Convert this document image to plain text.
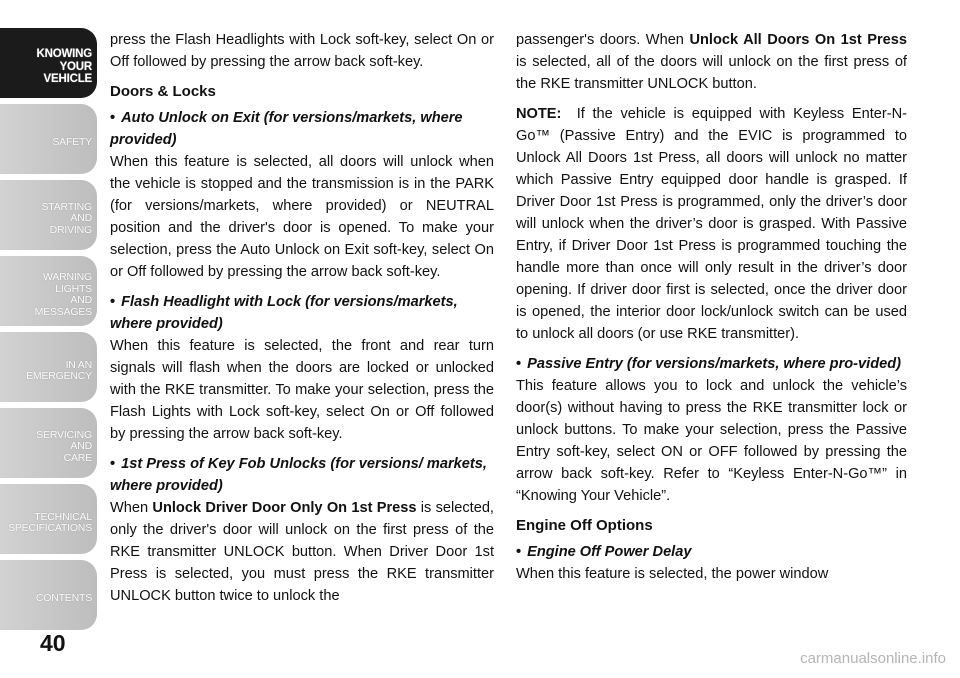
KNOWING
YOUR
VEHICLE
SAFETY
STARTING
AND
DRIVING
WARNING
LIGHTS
AND
MESSAGES
IN AN
EMERGENCY
SERVICING
AND
CARE
TECHNICAL
SPECIFICATIONS
CONTENTS
40

press the Flash Headlights with Lock soft-key, select On or Off followed by pressing the arrow back soft-key.

Doors & Locks
• Auto Unlock on Exit (for versions/markets, where provided)

When this feature is selected, all doors will unlock when the vehicle is stopped and the transmission is in the PARK (for versions/markets, where provided) or NEUTRAL position and the driver's door is opened. To make your selection, press the Auto Unlock on Exit soft-key, select On or Off followed by pressing the arrow back soft-key.

• Flash Headlight with Lock (for versions/markets, where provided)

When this feature is selected, the front and rear turn signals will flash when the doors are locked or unlocked with the RKE transmitter. To make your selection, press the Flash Lights with Lock soft-key, select On or Off followed by pressing the arrow back soft-key.

• 1st Press of Key Fob Unlocks (for versions/ markets, where provided)

When Unlock Driver Door Only On 1st Press is selected, only the driver's door will unlock on the first press of the RKE transmitter UNLOCK button. When Driver Door 1st Press is selected, you must press the RKE transmitter UNLOCK button twice to unlock the

passenger's doors. When Unlock All Doors On 1st Press is selected, all of the doors will unlock on the first press of the RKE transmitter UNLOCK button.

NOTE: If the vehicle is equipped with Keyless Enter-N-Go™ (Passive Entry) and the EVIC is programmed to Unlock All Doors 1st Press, all doors will unlock no matter which Passive Entry equipped door handle is grasped. If Driver Door 1st Press is programmed, only the driver’s door will unlock when the driver’s door is grasped. With Passive Entry, if Driver Door 1st Press is programmed touching the handle more than once will only result in the driver’s door opening. If driver door first is selected, once the driver door is opened, the interior door lock/unlock switch can be used to unlock all doors (or use RKE transmitter).

• Passive Entry (for versions/markets, where pro-vided)

This feature allows you to lock and unlock the vehicle’s door(s) without having to press the RKE transmitter lock or unlock buttons. To make your selection, press the Passive Entry soft-key, select ON or OFF followed by pressing the arrow back soft-key. Refer to “Keyless Enter-N-Go™” in “Knowing Your Vehicle”.

Engine Off Options
• Engine Off Power Delay

When this feature is selected, the power window

carmanualsonline.info
